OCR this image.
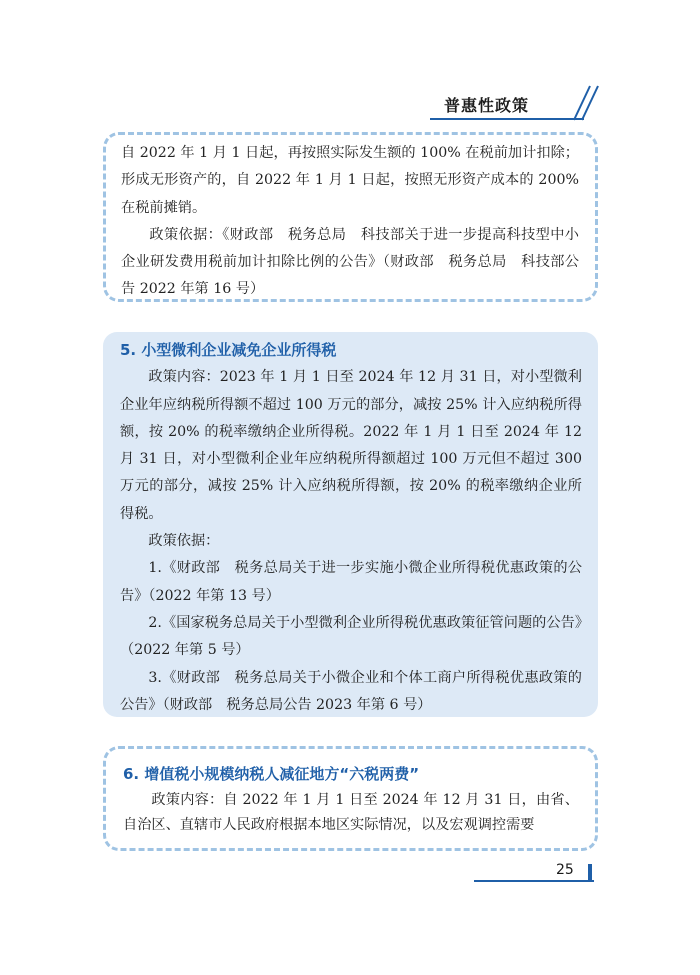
普惠性政策

自 2022 年 1 月 1 日起，再按照实际发生额的 100% 在税前加计扣除；形成无形资产的，自 2022 年 1 月 1 日起，按照无形资产成本的 200% 在税前摊销。

政策依据：《财政部　税务总局　科技部关于进一步提高科技型中小企业研发费用税前加计扣除比例的公告》（财政部　税务总局　科技部公告 2022 年第 16 号）

5. 小型微利企业减免企业所得税

政策内容：2023 年 1 月 1 日至 2024 年 12 月 31 日，对小型微利企业年应纳税所得额不超过 100 万元的部分，减按 25% 计入应纳税所得额，按 20% 的税率缴纳企业所得税。2022 年 1 月 1 日至 2024 年 12 月 31 日，对小型微利企业年应纳税所得额超过 100 万元但不超过 300 万元的部分，减按 25% 计入应纳税所得额，按 20% 的税率缴纳企业所得税。

政策依据：

1.《财政部　税务总局关于进一步实施小微企业所得税优惠政策的公告》（2022 年第 13 号）

2.《国家税务总局关于小型微利企业所得税优惠政策征管问题的公告》（2022 年第 5 号）

3.《财政部　税务总局关于小微企业和个体工商户所得税优惠政策的公告》（财政部　税务总局公告 2023 年第 6 号）

6. 增值税小规模纳税人减征地方“六税两费”

政策内容：自 2022 年 1 月 1 日至 2024 年 12 月 31 日，由省、自治区、直辖市人民政府根据本地区实际情况，以及宏观调控需要

25
